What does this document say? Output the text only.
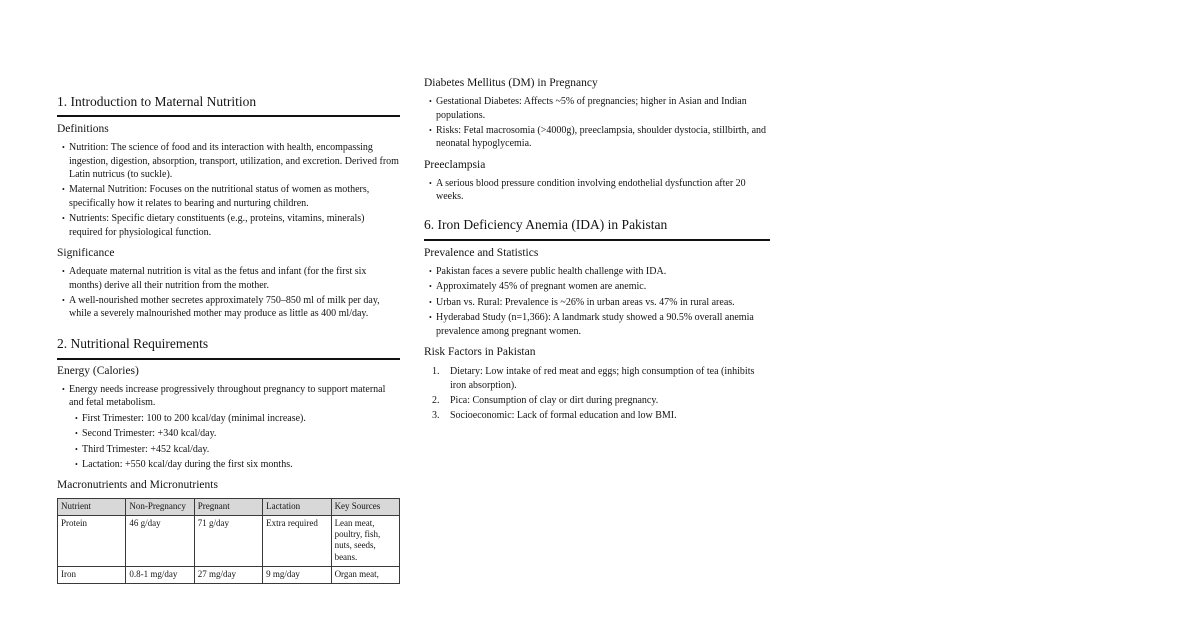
1. Introduction to Maternal Nutrition
Definitions
• Nutrition: The science of food and its interaction with health, encompassing ingestion, digestion, absorption, transport, utilization, and excretion. Derived from Latin nutricus (to suckle).
• Maternal Nutrition: Focuses on the nutritional status of women as mothers, specifically how it relates to bearing and nurturing children.
• Nutrients: Specific dietary constituents (e.g., proteins, vitamins, minerals) required for physiological function.
Significance
• Adequate maternal nutrition is vital as the fetus and infant (for the first six months) derive all their nutrition from the mother.
• A well-nourished mother secretes approximately 750–850 ml of milk per day, while a severely malnourished mother may produce as little as 400 ml/day.
2. Nutritional Requirements
Energy (Calories)
• Energy needs increase progressively throughout pregnancy to support maternal and fetal metabolism.
• First Trimester: 100 to 200 kcal/day (minimal increase).
• Second Trimester: +340 kcal/day.
• Third Trimester: +452 kcal/day.
• Lactation: +550 kcal/day during the first six months.
Macronutrients and Micronutrients
Nutrient	Non-Pregnancy	Pregnant	Lactation	Key Sources
Protein	46 g/day	71 g/day	Extra required	Lean meat, poultry, fish, nuts, seeds, beans.
Iron	0.8-1 mg/day	27 mg/day	9 mg/day	Organ meat,
Diabetes Mellitus (DM) in Pregnancy
• Gestational Diabetes: Affects ~5% of pregnancies; higher in Asian and Indian populations.
• Risks: Fetal macrosomia (>4000g), preeclampsia, shoulder dystocia, stillbirth, and neonatal hypoglycemia.
Preeclampsia
• A serious blood pressure condition involving endothelial dysfunction after 20 weeks.
6. Iron Deficiency Anemia (IDA) in Pakistan
Prevalence and Statistics
• Pakistan faces a severe public health challenge with IDA.
• Approximately 45% of pregnant women are anemic.
• Urban vs. Rural: Prevalence is ~26% in urban areas vs. 47% in rural areas.
• Hyderabad Study (n=1,366): A landmark study showed a 90.5% overall anemia prevalence among pregnant women.
Risk Factors in Pakistan
1.	Dietary: Low intake of red meat and eggs; high consumption of tea (inhibits iron absorption).
2.	Pica: Consumption of clay or dirt during pregnancy.
3.	Socioeconomic: Lack of formal education and low BMI.
